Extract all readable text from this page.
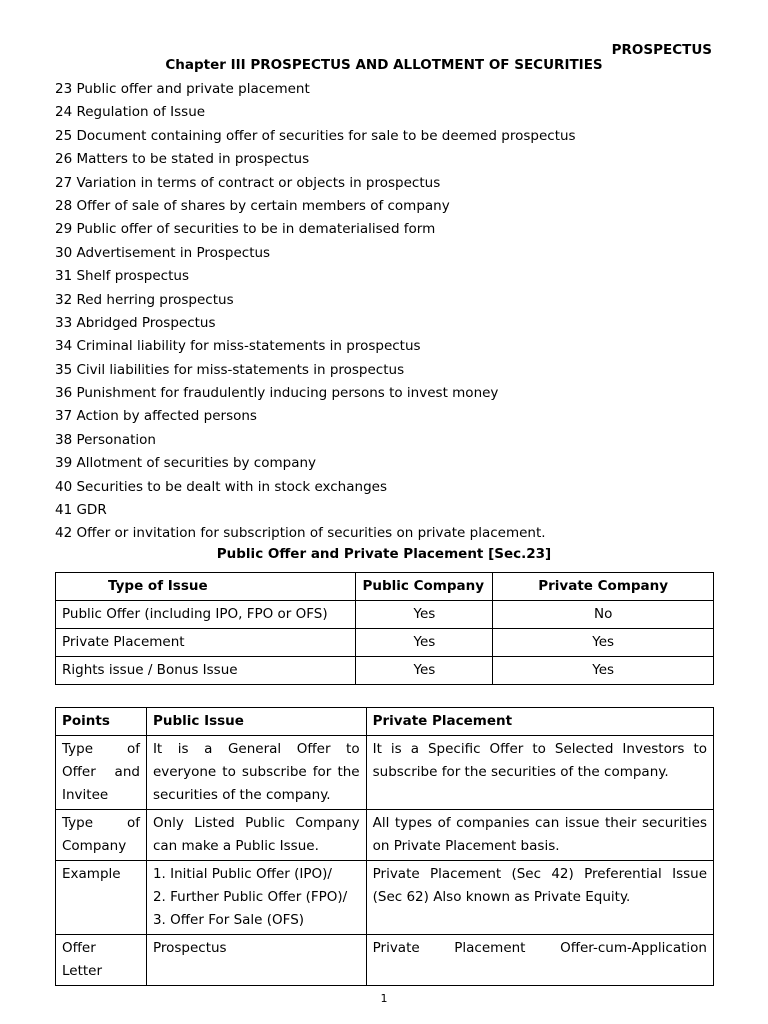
PROSPECTUS
Chapter III PROSPECTUS AND ALLOTMENT OF SECURITIES
23 Public offer and private placement
24 Regulation of Issue
25 Document containing offer of securities for sale to be deemed prospectus
26 Matters to be stated in prospectus
27 Variation in terms of contract or objects in prospectus
28 Offer of sale of shares by certain members of company
29 Public offer of securities to be in dematerialised form
30 Advertisement in Prospectus
31 Shelf prospectus
32 Red herring prospectus
33 Abridged Prospectus
34 Criminal liability for miss-statements in prospectus
35 Civil liabilities for miss-statements in prospectus
36 Punishment for fraudulently inducing persons to invest money
37 Action by affected persons
38 Personation
39 Allotment of securities by company
40 Securities to be dealt with in stock exchanges
41 GDR
42 Offer or invitation for subscription of securities on private placement.
Public Offer and Private Placement [Sec.23]
Type of Issue	Public Company	Private Company
Public Offer (including IPO, FPO or OFS)	Yes	No
Private Placement	Yes	Yes
Rights issue / Bonus Issue	Yes	Yes
Points	Public Issue	Private Placement
Type of Offer and Invitee	It is a General Offer to everyone to subscribe for the securities of the company.	It is a Specific Offer to Selected Investors to subscribe for the securities of the company.
Type of Company	Only Listed Public Company can make a Public Issue.	All types of companies can issue their securities on Private Placement basis.
Example	1. Initial Public Offer (IPO)/
2. Further Public Offer (FPO)/
3. Offer For Sale (OFS)	Private Placement (Sec 42) Preferential Issue (Sec 62) Also known as Private Equity.
Offer Letter	Prospectus	Private Placement Offer-cum-Application
1
